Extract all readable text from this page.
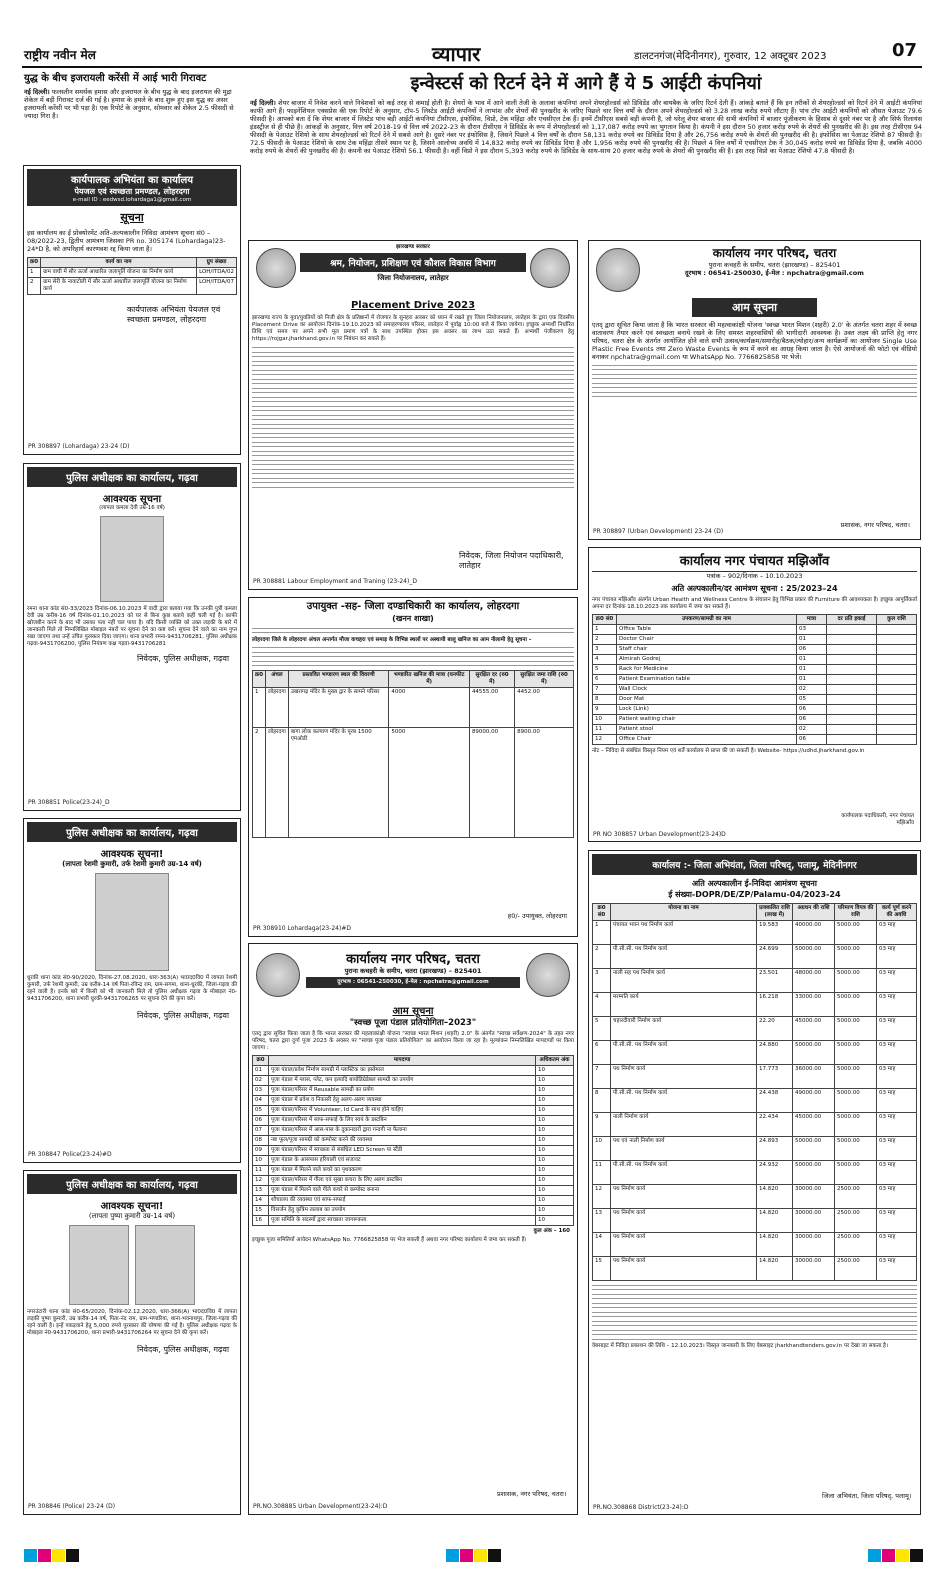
राष्ट्रीय नवीन मेल	व्यापार	डालटनगंज(मेदिनीनगर), गुरुवार, 12 अक्टूबर 2023	07
युद्ध के बीच इजरायली करेंसी में आई भारी गिरावट
नई दिल्ली। फलस्तीन समर्थक हमास और इजरायल के बीच युद्ध के बाद इजरायल की मुद्रा शेकेल में बड़ी गिरावट दर्ज की गई है। हमास के हमले के बाद शुरू हुए इस युद्ध का असर इजरायली करेंसी पर भी पड़ा है। एक रिपोर्ट के अनुसार, सोमवार को शेकेल 2.5 फीसदी से ज्यादा गिरा है।
इन्वेस्टर्स को रिटर्न देने में आगे हैं ये 5 आईटी कंपनियां
नई दिल्ली। शेयर बाजार में निवेश करने वाले निवेशकों को कई तरह से कमाई होती है। शेयरों के भाव में आने वाली तेजी के अलावा कंपनियां अपने शेयरहोल्डर्स को डिविडेंड और बायबैक के जरिए रिटर्न देती हैं। आंकड़े बताते हैं कि इन तरीकों से शेयरहोल्डर्स को रिटर्न देने में आईटी कंपनियां काफी आगे हैं। फाइनेंशियल एक्सप्रेस की एक रिपोर्ट के अनुसार, टॉप-5 लिस्टेड आईटी कंपनियों ने लाभांश और शेयरों की पुनखरीद के जरिए पिछले चार वित्त वर्षों के दौरान अपने शेयरहोल्डर्स को 3.28 लाख करोड़ रुपये लौटाए हैं। पांच टॉप आईटी कंपनियों को औसत पेआउट 79.6 फीसदी है। आपको बता दें कि शेयर बाजार में लिस्टेड पांच बड़ी आईटी कंपनियां टीसीएस, इंफोसिस, विप्रो, टेक महिंद्रा और एचसीएल टेक हैं। इनमें टीसीएस सबसे बड़ी कंपनी है, जो घरेलू शेयर बाजार की सभी कंपनियों में बाजार पूंजीकरण के हिसाब से दूसरे नंबर पर है और सिर्फ रिलायंस इंडस्ट्रीज से ही पीछे है। आंकड़ों के अनुसार, वित्त वर्ष 2018-19 से वित्त वर्ष 2022-23 के दौरान टीसीएस ने डिविडेंड के रूप में शेयरहोल्डर्स को 1,17,087 करोड़ रुपये का भुगतान किया है। कंपनी ने इस दौरान 50 हजार करोड़ रुपये के शेयरों की पुनखरीद की है। इस तरह टीसीएस 94 फीसदी के पेआउट रेशियो के साथ शेयरहोल्डर्स को रिटर्न देने में सबसे आगे है। दूसरे नंबर पर इंफोसिस है, जिसने पिछले 4 वित्त वर्षों के दौरान 58,131 करोड़ रुपये का डिविडेंड दिया है और 26,756 करोड़ रुपये के शेयरों की पुनखरीद की है। इंफोसिस का पेआउट रेशियो 87 फीसदी है। 72.5 फीसदी के पेआउट रेशियो के साथ टेक महिंद्रा तीसरे स्थान पर है, जिसने आलोच्य अवधि में 14,832 करोड़ रुपये का डिविडेंड दिया है और 1,956 करोड़ रुपये की पुनखरीद की है। पिछले 4 वित्त वर्षों में एचसीएल टेक ने 30,045 करोड़ रुपये का डिविडेंड दिया है, जबकि 4000 करोड़ रुपये के शेयरों की पुनखरीद की है। कंपनी का पेआउट रेशियो 56.1 फीसदी है। वहीं विप्रो ने इस दौरान 5,393 करोड़ रुपये के डिविडेंड के साथ-साथ 20 हजार करोड़ रुपये के शेयरों की पुनखरीद की है। इस तरह विप्रो का पेआउट रेशियो 47.8 फीसदी है।
कार्यपालक अभियंता का कार्यालय
पेयजल एवं स्वच्छता प्रमण्डल, लोहरदगा
e-mail ID : eedwsd.lohardaga1@gmail.com
सूचना
इस कार्यालय का ई प्रोक्योरमेंट अति-अल्पकालीन निविदा आमंत्रण सूचना सं0 – 08/2022-23, द्वितीय आमंत्रण जिसका PR no. 305174 (Lohardaga)23-24*D है, को अपरिहार्य कारणवश रद्द किया जाता है।
क्र0	कार्य का नाम	ग्रुप संख्या
1	ग्राम वाघी में सौर ऊर्जा आधारित जलापूर्ति योजना का निर्माण कार्य	LOH/ITDA/02
2	ग्राम सेरी के नावाटोली में सौर ऊर्जा आधारित जलापूर्ति योजना का निर्माण कार्य	LOH/ITDA/07
कार्यपालक अभियंता पेयजल एवं स्वच्छता प्रमण्डल, लोहरदगा
PR 308897 (Lohardaga) 23-24 (D)
पुलिस अधीक्षक का कार्यालय, गढ़वा
आवश्यक सूचना
(लापता कमला देवी उम्र-16 वर्ष)
रमना थाना कांड सं0-33/2023 दिनांक-06.10.2023 में वादी द्वारा बताया गया कि उनकी पुत्री कमला देवी उम्र करीब-16 वर्ष दिनांक-01.10.2023 को घर से बिना कुछ बताये कहीं चली गई है। काफी खोजबीन करने के बाद भी उसका पता नहीं चल पाया है। यदि किसी व्यक्ति को उक्त लड़की के बारे में जानकारी मिले तो निम्नलिखित मोबाइल नंबरों पर सूचना देने का कष्ट करें। सूचना देने वाले का नाम गुप्त रखा जाएगा तथा उन्हें उचित पुरस्कार दिया जाएगा। थाना प्रभारी रमना-9431706281, पुलिस अधीक्षक गढ़वा-9431706200, पुलिस नियंत्रण कक्ष गढ़वा-9431706281
निवेदक, पुलिस अधीक्षक, गढ़वा
PR 308851 Police(23-24)_D
पुलिस अधीक्षक का कार्यालय, गढ़वा
आवश्यक सूचना!
(लापता रेशमी कुमारी, उर्फ रेशमी कुमारी उम्र-14 वर्ष)
धुरकी थाना कांड सं0-90/2020, दिनांक-27.08.2020, धारा-363(A) भा0द0वि0 में लापता रेशमी कुमारी, उर्फ रेशमी कुमारी, उम्र करीब-14 वर्ष पिता-रविन्द्र राम, ग्राम-सगमा, थाना-धुरकी, जिला-गढ़वा की रहने वाली है। इनके बारे में किसी को भी जानकारी मिले तो पुलिस अधीक्षक गढ़वा के मोबाइल नं0-9431706200, थाना प्रभारी धुरकी-9431706265 पर सूचना देने की कृपा करें।
निवेदक, पुलिस अधीक्षक, गढ़वा
PR 308847 Police(23-24)#D
पुलिस अधीक्षक का कार्यालय, गढ़वा
आवश्यक सूचना!
(लापता पुष्पा कुमारी उम्र-14 वर्ष)
नगरउंटारी थाना कांड सं0-65/2020, दिनांक-02.12.2020, धारा-366(A) भा0द0वि0 में लापता लड़की पुष्पा कुमारी, उम्र करीब-14 वर्ष, पिता-नंद राम, ग्राम-भण्डरिया, थाना-भवनाथपुर, जिला-गढ़वा की रहने वाली है। इन्हें पकड़वाने हेतु 5,000 रुपये पुरस्कार की घोषणा की गई है। पुलिस अधीक्षक गढ़वा के मोबाइल नं0-9431706200, थाना प्रभारी-9431706264 पर सूचना देने की कृपा करें।
निवेदक, पुलिस अधीक्षक, गढ़वा
PR 308846 (Police) 23-24 (D)
झारखण्ड सरकार
श्रम, नियोजन, प्रशिक्षण एवं कौशल विकास विभाग
जिला नियोजनालय, लातेहार
Placement Drive 2023
झारखण्ड राज्य के युवा/युवतियों को निजी क्षेत्र के प्रतिष्ठानों में रोजगार के सुनहरा अवसर को ध्यान में रखते हुए जिला नियोजनालय, लातेहार के द्वारा एक दिवसीय Placement Drive का आयोजन दिनांक-19.10.2023 को समाहरणालय परिसर, लातेहार में पूर्वाह्न 10:00 बजे से किया जायेगा। इच्छुक अभ्यर्थी निर्धारित तिथि एवं समय पर अपने सभी मूल प्रमाण पत्रों के साथ उपस्थित होकर इस अवसर का लाभ उठा सकते हैं। अभ्यर्थी पंजीकरण हेतु https://rojgar.jharkhand.gov.in पर निबंधन कर सकते हैं।
निवेदक, जिला नियोजन पदाधिकारी, लातेहार
PR 308881 Labour Employment and Traning (23-24)_D
उपायुक्त -सह- जिला दण्डाधिकारी का कार्यालय, लोहरदगा
(खनन शाखा)
लोहरदगा जिले के लोहरदगा अंचल अन्तर्गत मौजा कचहरा एवं समाड़ के विभिन्न स्थलों पर अस्थायी बालू खनिज का आम नीलामी हेतु सूचना –
क्र0	अंचल	प्रस्तावित भण्डारण स्थल की विवरणी	भण्डारित खनिज की मात्रा (घनफीट में)	सुरक्षित दर (रु0 में)	सुरक्षित जमा राशि (रु0 में)
1	लोहरदगा	उखरागढ़ मंदिर के मुख्य द्वार के सामने परिसर	4000	44555.00	4452.00
2	लोहरदगा	बागा लोक कल्याण मंदिर के पूरब 1500 एमओडी	5000	89000.00	8900.00
ह0/- उपायुक्त, लोहरदगा
PR 308910 Lohardaga(23-24)#D
कार्यालय नगर परिषद, चतरा
पुराना कचहरी के समीप, चतरा (झारखण्ड) – 825401
दूरभाष : 06541-250030, ई-मेल : npchatra@gmail.com
आम सूचना
"स्वच्छ पूजा पंडाल प्रतियोगिता–2023"
एतद् द्वारा सूचित किया जाता है कि भारत सरकार की महत्वाकांक्षी योजना "स्वच्छ भारत मिशन (शहरी) 2.0" के अंतर्गत "स्वच्छ सर्वेक्षण-2024" के तहत नगर परिषद, चतरा द्वारा दुर्गा पूजा 2023 के अवसर पर "स्वच्छ पूजा पंडाल प्रतियोगिता" का आयोजन किया जा रहा है। मूल्यांकन निम्नलिखित मापदण्डों पर किया जाएगा :
क्र0	मापदण्ड	अधिकतम अंक
01	पूजा पंडाल/प्रवेश निर्माण सामग्री में प्लास्टिक का इस्तेमाल	10
02	पूजा पंडाल में ग्लास, प्लेट, कप इत्यादि बायोडिग्रेडेबल सामग्री का उपयोग	10
03	पूजा पंडाल/परिसर में Reusable सामग्री का प्रयोग	10
04	पूजा पंडाल में प्रवेश व निकासी हेतु अलग-अलग व्यवस्था	10
05	पूजा पंडाल/परिसर में Volunteer, Id Card के साथ होने चाहिए	10
06	पूजा पंडाल/परिसर में साफ-सफाई के लिए स्वयं के डस्टबिन	10
07	पूजा पंडाल/परिसर में आस-पास के दुकानदारों द्वारा गन्दगी ना फैलाना	10
08	नष्ट फूल/पूजा सामग्री को कम्पोस्ट करने की व्यवस्था	10
09	पूजा पंडाल/परिसर में स्वच्छता से संबंधित LED Screen या स्टैंडी	10
10	पूजा पंडाल के आसपास हरियाली एवं सजावट	10
11	पूजा पंडाल में मिलने वाले कचरे का पृथक्करण	10
12	पूजा पंडाल/परिसर में गीला एवं सूखा कचरा के लिए अलग डस्टबिन	10
13	पूजा पंडाल में मिलने वाले गीले कचरे से कम्पोस्ट बनाना	10
14	शौचालय की व्यवस्था एवं साफ-सफाई	10
15	विसर्जन हेतु कृत्रिम तालाब का उपयोग	10
16	पूजा समिति के सदस्यों द्वारा स्वच्छता जागरूकता	10
कुल अंक – 160
इच्छुक पूजा समितियाँ आवेदन WhatsApp No. 7766825858 पर भेज सकती हैं अथवा नगर परिषद कार्यालय में जमा कर सकती हैं।
प्रशासक, नगर परिषद, चतरा।
PR.NO.308885 Urban Development(23-24):D
कार्यालय नगर परिषद, चतरा
पुराना कचहरी के समीप, चतरा (झारखण्ड) – 825401
दूरभाष : 06541-250030, ई-मेल : npchatra@gmail.com
आम सूचना
एतद् द्वारा सूचित किया जाता है कि भारत सरकार की महत्वाकांक्षी योजना 'स्वच्छ भारत मिशन (शहरी) 2.0' के अंतर्गत चतरा शहर में स्वच्छ वातावरण तैयार करने एवं स्वच्छता बनाये रखने के लिए समस्त शहरवासियों की भागीदारी आवश्यक है। उक्त लक्ष्य की प्राप्ति हेतु नगर परिषद, चतरा क्षेत्र के अंतर्गत आयोजित होने वाले सभी उत्सव/कार्यक्रम/समारोह/बैठक/त्योहार/अन्य कार्यक्रमों का आयोजन Single Use Plastic Free Events तथा Zero Waste Events के रूप में करने का आग्रह किया जाता है। ऐसे आयोजनों की फोटो एवं वीडियो बनाकर npchatra@gmail.com या WhatsApp No. 7766825858 पर भेजें।
प्रशासक, नगर परिषद, चतरा।
PR 308897 (Urban Development) 23-24 (D)
कार्यालय नगर पंचायत मझिआँव
पत्रांक – 902/दिनांक – 10.10.2023
अति अल्पकालीन/दर आमंत्रण सूचना : 25/2023–24
नगर पंचायत मझिआँव अंतर्गत Urban Health and Wellness Centre के संचालन हेतु विभिन्न प्रकार की Furniture की आवश्यकता है। इच्छुक आपूर्तिकर्ता अपना दर दिनांक 18.10.2023 तक कार्यालय में जमा कर सकते हैं।
क्र0 सं0	उपकरण/सामग्री का नाम	मात्रा	दर प्रति इकाई	कुल राशि
1	Office Table	03		
2	Doctor Chair	01		
3	Staff chair	06		
4	Almirah Godrej	01		
5	Rack for Medicine	01		
6	Patient Examination table	01		
7	Wall Clock	02		
8	Door Mat	05		
9	Lock (Link)	06		
10	Patient waiting chair	06		
11	Patient stool	02		
12	Office Chair	06		
नोट – निविदा से संबंधित विस्तृत नियम एवं शर्तें कार्यालय से प्राप्त की जा सकती है। Website- https://udhd.jharkhand.gov.in
कार्यपालक पदाधिकारी, नगर पंचायत मझिआँव
PR NO 308857 Urban Development(23-24)D
कार्यालय :- जिला अभियंता, जिला परिषद्, पलामू, मेदिनीनगर
अति अल्पकालीन ई-निविदा आमंत्रण सूचना
ई संख्या-DOPR/DE/ZP/Palamu-04/2023-24
क्र0 सं0	योजना का नाम	प्राक्कलित राशि (लाख में)	अग्रधन की राशि	परिमाण विपत्र की राशि	कार्य पूर्ण करने की अवधि
1	पंचायत भवन पथ निर्माण कार्य	19.583	40000.00	5000.00	03 माह
2	पी.सी.सी. पथ निर्माण कार्य	24.699	50000.00	5000.00	03 माह
3	नाली सह पथ निर्माण कार्य	23.501	48000.00	5000.00	03 माह
4	मरम्मति कार्य	16.218	33000.00	5000.00	03 माह
5	चहारदीवारी निर्माण कार्य	22.20	45000.00	5000.00	03 माह
6	पी.सी.सी. पथ निर्माण कार्य	24.880	50000.00	5000.00	03 माह
7	पथ निर्माण कार्य	17.773	36000.00	5000.00	03 माह
8	पी.सी.सी. पथ निर्माण कार्य	24.438	49000.00	5000.00	03 माह
9	नाली निर्माण कार्य	22.434	45000.00	5000.00	03 माह
10	पथ एवं नाली निर्माण कार्य	24.893	50000.00	5000.00	03 माह
11	पी.सी.सी. पथ निर्माण कार्य	24.932	50000.00	5000.00	03 माह
12	पथ निर्माण कार्य	14.820	30000.00	2500.00	03 माह
13	पथ निर्माण कार्य	14.820	30000.00	2500.00	03 माह
14	पथ निर्माण कार्य	14.820	30000.00	2500.00	03 माह
15	पथ निर्माण कार्य	14.820	30000.00	2500.00	03 माह
वेबसाइट में निविदा प्रकाशन की तिथि – 12.10.2023। विस्तृत जानकारी के लिए वेबसाइट jharkhandtenders.gov.in पर देखा जा सकता है।
जिला अभियंता, जिला परिषद्, पलामू।
PR.NO.308868 District(23-24):D
